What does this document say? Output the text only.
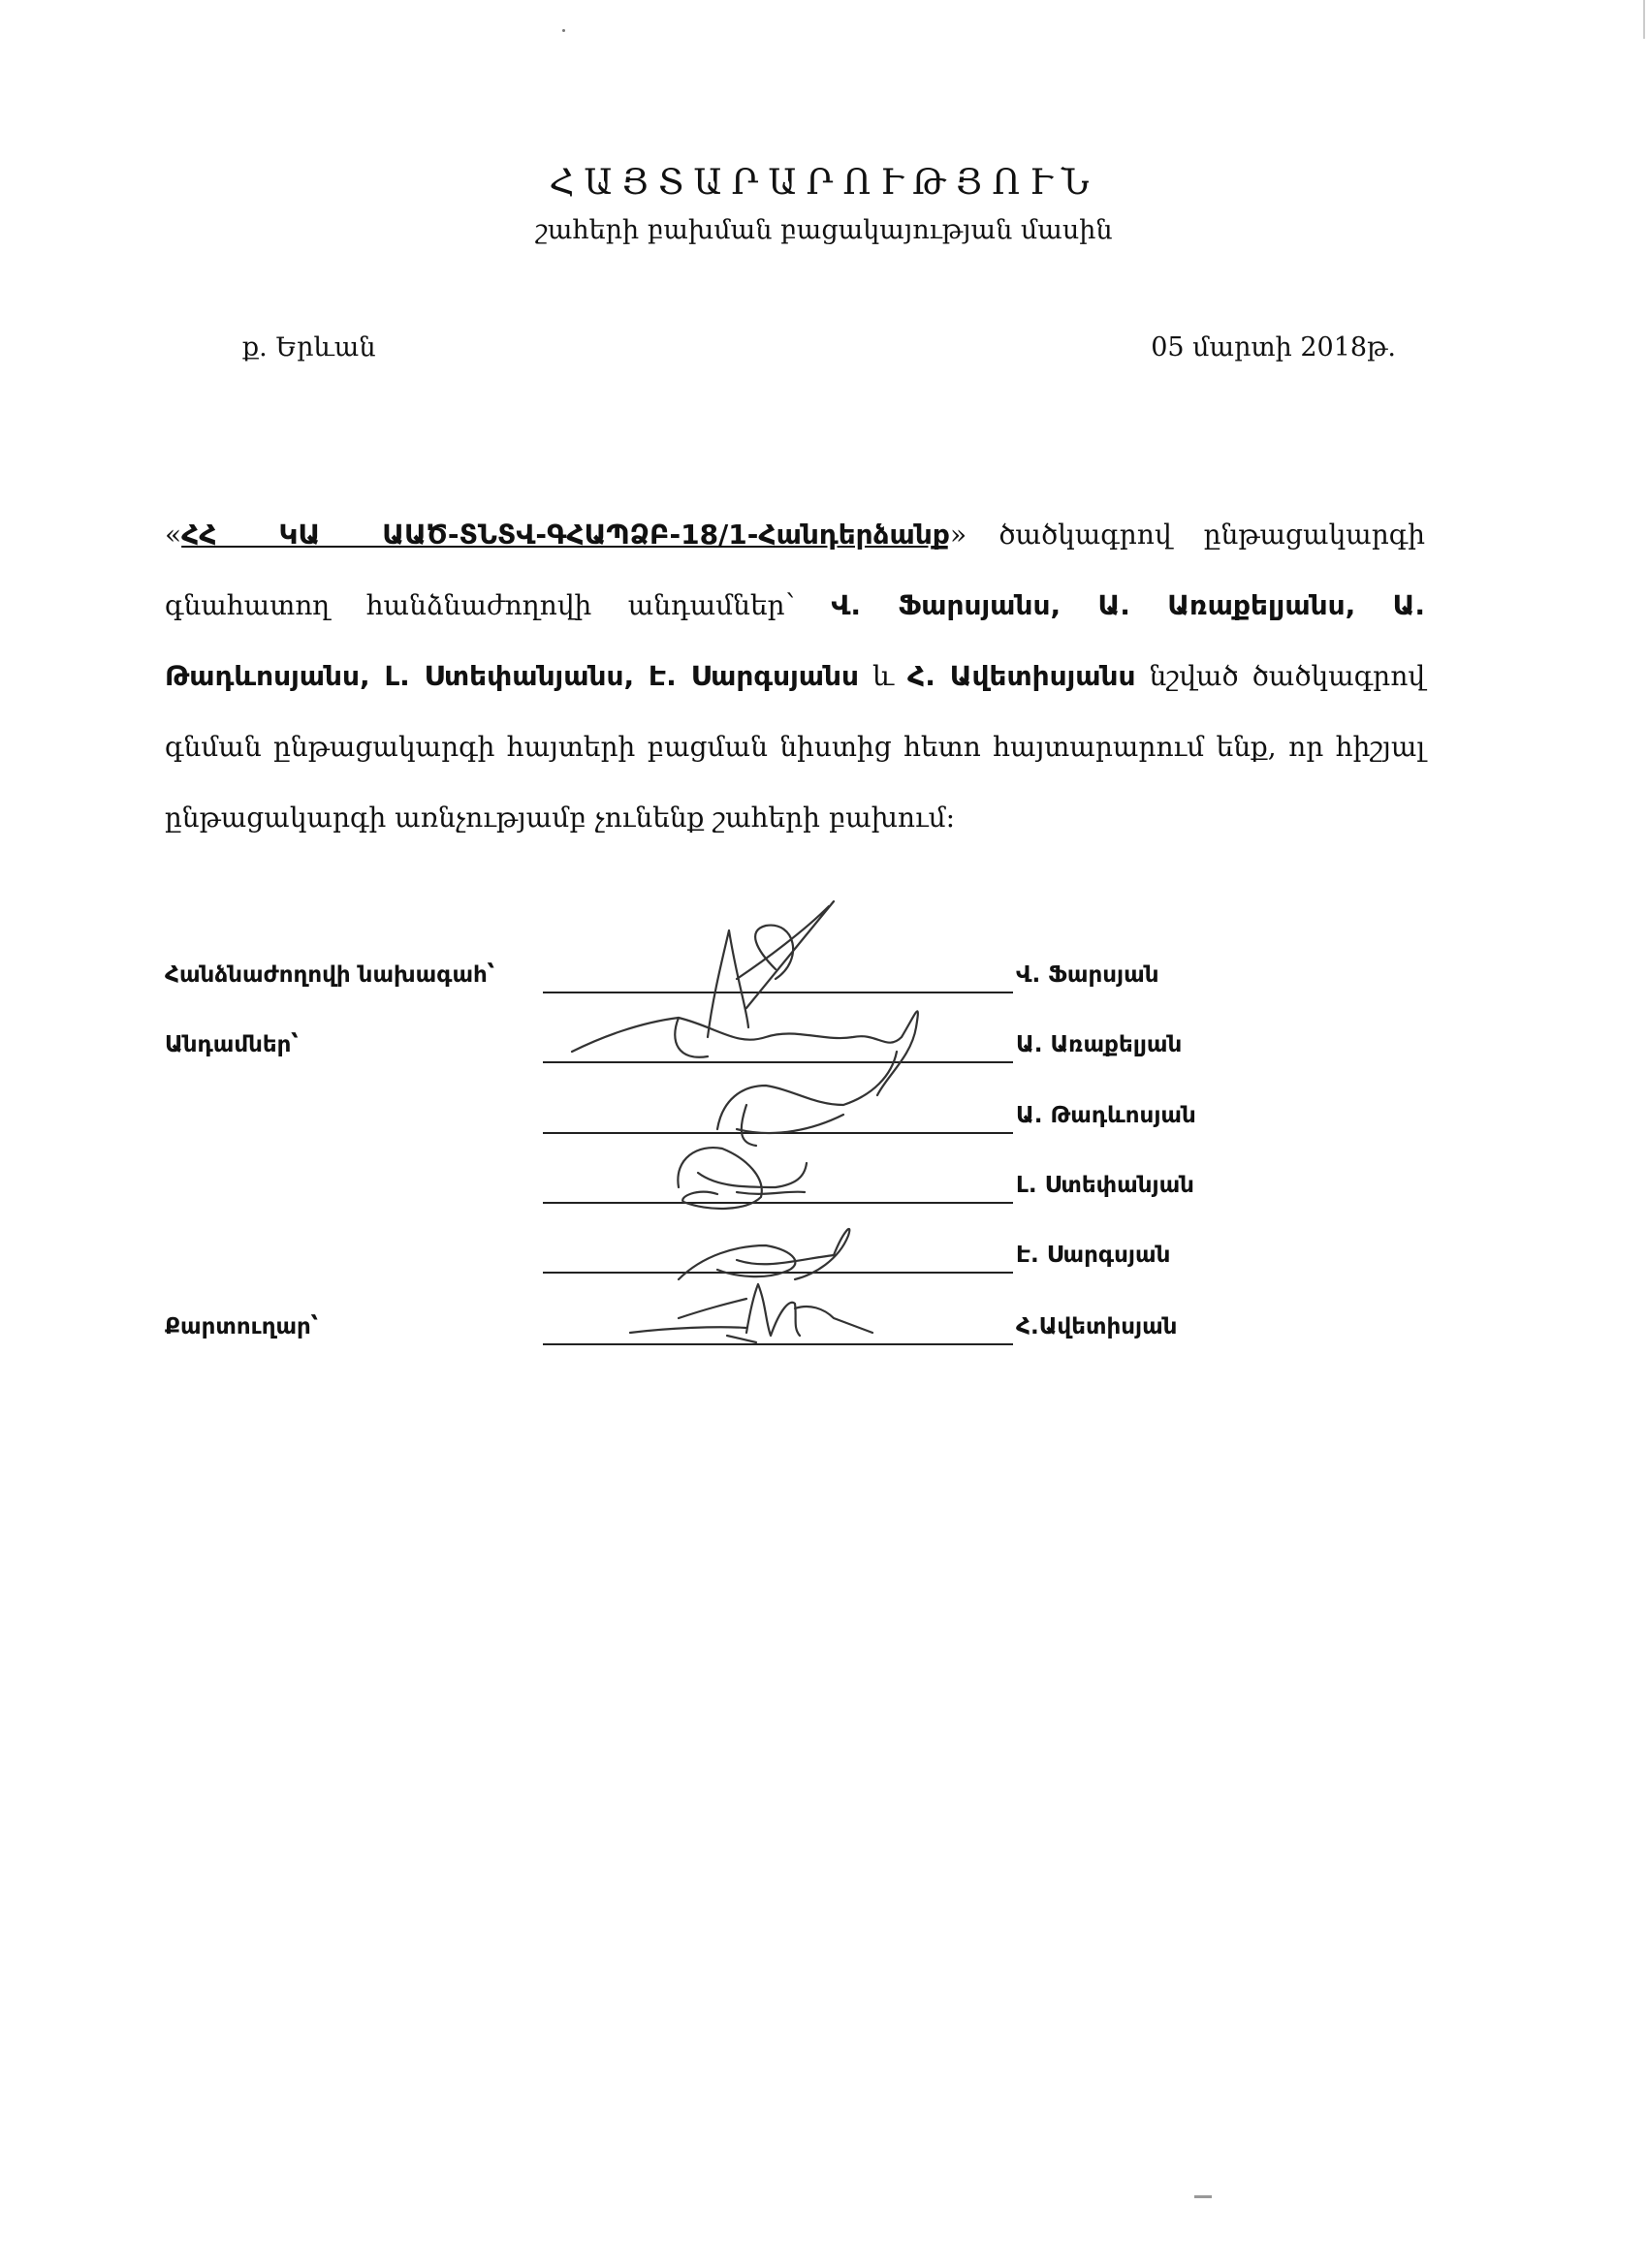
ՀԱՅՏԱՐԱՐՈՒԹՅՈՒՆ
շահերի բախման բացակայության մասին
ք. Երևան	05 մարտի 2018թ.
«ՀՀ ԿԱ ԱԱԾ-ՏՆՏՎ-ԳՀԱՊՁԲ-18/1-Հանդերձանք» ծածկագրով ընթացակարգի գնահատող հանձնաժողովի անդամներ՝ Վ. Ֆարսյանս, Ա. Առաքելյանս, Ա. Թադևոսյանս, Լ. Ստեփանյանս, Է. Սարգսյանս և Հ. Ավետիսյանս նշված ծածկագրով գնման ընթացակարգի հայտերի բացման նիստից հետո հայտարարում ենք, որ հիշյալ ընթացակարգի առնչությամբ չունենք շահերի բախում:
Հանձնաժողովի նախագահ՝	Վ. Ֆարսյան
Անդամներ՝	Ա. Առաքելյան
Ա. Թադևոսյան
Լ. Ստեփանյան
Է. Սարգսյան
Քարտուղար՝	Հ.Ավետիսյան
